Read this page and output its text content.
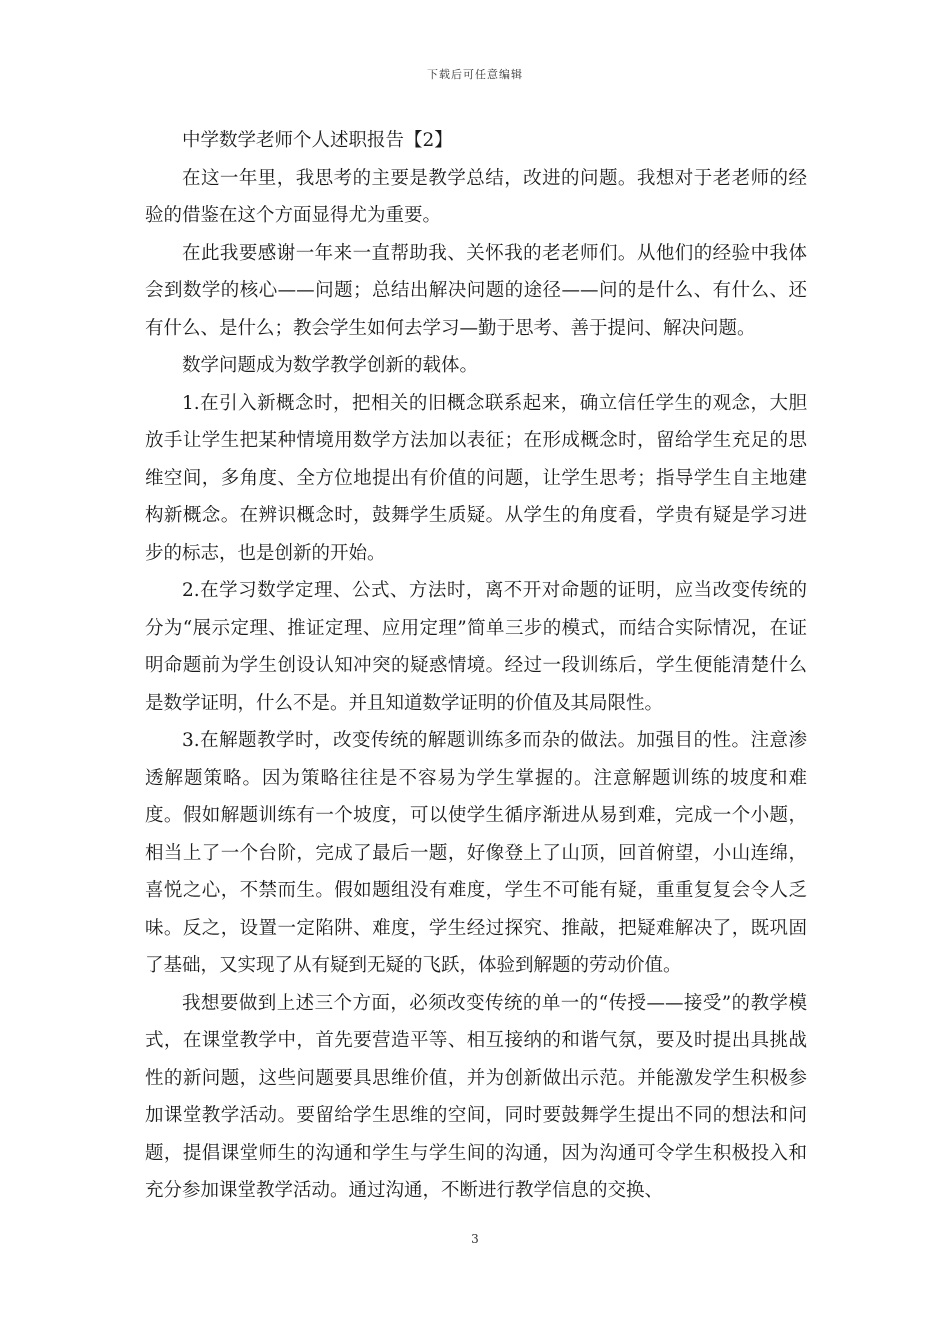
下载后可任意编辑

中学数学老师个人述职报告【2】

在这一年里，我思考的主要是教学总结，改进的问题。我想对于老老师的经验的借鉴在这个方面显得尤为重要。

在此我要感谢一年来一直帮助我、关怀我的老老师们。从他们的经验中我体会到数学的核心——问题；总结出解决问题的途径——问的是什么、有什么、还有什么、是什么；教会学生如何去学习—勤于思考、善于提问、解决问题。

数学问题成为数学教学创新的载体。

1.在引入新概念时，把相关的旧概念联系起来，确立信任学生的观念，大胆放手让学生把某种情境用数学方法加以表征；在形成概念时，留给学生充足的思维空间，多角度、全方位地提出有价值的问题，让学生思考；指导学生自主地建构新概念。在辨识概念时，鼓舞学生质疑。从学生的角度看，学贵有疑是学习进步的标志，也是创新的开始。

2.在学习数学定理、公式、方法时，离不开对命题的证明，应当改变传统的分为“展示定理、推证定理、应用定理”简单三步的模式，而结合实际情况，在证明命题前为学生创设认知冲突的疑惑情境。经过一段训练后，学生便能清楚什么是数学证明，什么不是。并且知道数学证明的价值及其局限性。

3.在解题教学时，改变传统的解题训练多而杂的做法。加强目的性。注意渗透解题策略。因为策略往往是不容易为学生掌握的。注意解题训练的坡度和难度。假如解题训练有一个坡度，可以使学生循序渐进从易到难，完成一个小题，相当上了一个台阶，完成了最后一题，好像登上了山顶，回首俯望，小山连绵，喜悦之心，不禁而生。假如题组没有难度，学生不可能有疑，重重复复会令人乏味。反之，设置一定陷阱、难度，学生经过探究、推敲，把疑难解决了，既巩固了基础，又实现了从有疑到无疑的飞跃，体验到解题的劳动价值。

我想要做到上述三个方面，必须改变传统的单一的“传授——接受”的教学模式，在课堂教学中，首先要营造平等、相互接纳的和谐气氛，要及时提出具挑战性的新问题，这些问题要具思维价值，并为创新做出示范。并能激发学生积极参加课堂教学活动。要留给学生思维的空间，同时要鼓舞学生提出不同的想法和问题，提倡课堂师生的沟通和学生与学生间的沟通，因为沟通可令学生积极投入和充分参加课堂教学活动。通过沟通，不断进行教学信息的交换、

3
